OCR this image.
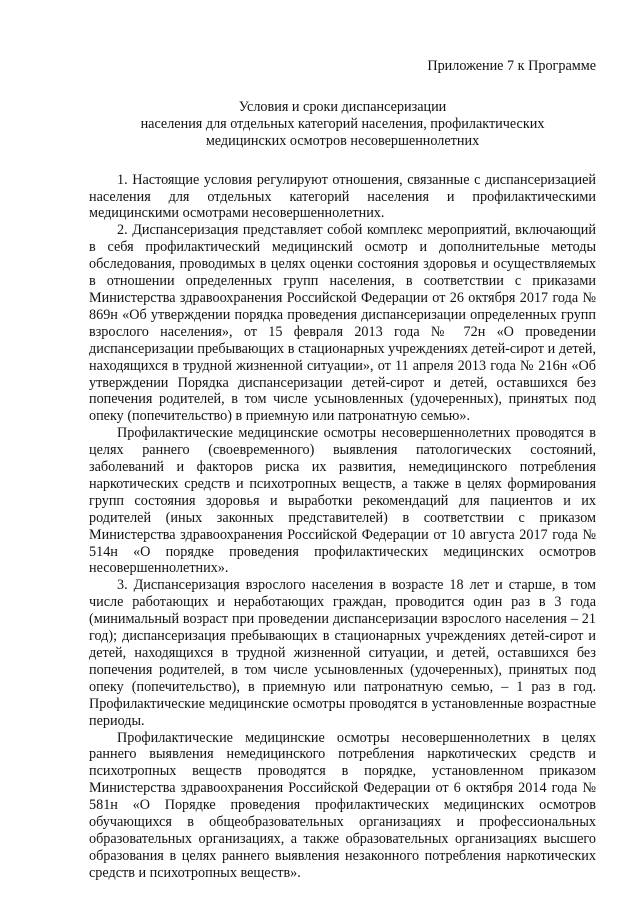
Приложение 7 к Программе

Условия и сроки диспансеризации
населения для отдельных категорий населения, профилактических
медицинских осмотров несовершеннолетних

1. Настоящие условия регулируют отношения, связанные с диспансеризацией населения для отдельных категорий населения и профилактическими медицинскими осмотрами несовершеннолетних.

2. Диспансеризация представляет собой комплекс мероприятий, включающий в себя профилактический медицинский осмотр и дополнительные методы обследования, проводимых в целях оценки состояния здоровья и осуществляемых в отношении определенных групп населения, в соответствии с приказами Министерства здравоохранения Российской Федерации от 26 октября 2017 года № 869н «Об утверждении порядка проведения диспансеризации определенных групп взрослого населения», от 15 февраля 2013 года № 72н «О проведении диспансеризации пребывающих в стационарных учреждениях детей-сирот и детей, находящихся в трудной жизненной ситуации», от 11 апреля 2013 года № 216н «Об утверждении Порядка диспансеризации детей-сирот и детей, оставшихся без попечения родителей, в том числе усыновленных (удочеренных), принятых под опеку (попечительство) в приемную или патронатную семью».

Профилактические медицинские осмотры несовершеннолетних проводятся в целях раннего (своевременного) выявления патологических состояний, заболеваний и факторов риска их развития, немедицинского потребления наркотических средств и психотропных веществ, а также в целях формирования групп состояния здоровья и выработки рекомендаций для пациентов и их родителей (иных законных представителей) в соответствии с приказом Министерства здравоохранения Российской Федерации от 10 августа 2017 года № 514н «О порядке проведения профилактических медицинских осмотров несовершеннолетних».

3. Диспансеризация взрослого населения в возрасте 18 лет и старше, в том числе работающих и неработающих граждан, проводится один раз в 3 года (минимальный возраст при проведении диспансеризации взрослого населения – 21 год); диспансеризация пребывающих в стационарных учреждениях детей-сирот и детей, находящихся в трудной жизненной ситуации, и детей, оставшихся без попечения родителей, в том числе усыновленных (удочеренных), принятых под опеку (попечительство), в приемную или патронатную семью, – 1 раз в год. Профилактические медицинские осмотры проводятся в установленные возрастные периоды.

Профилактические медицинские осмотры несовершеннолетних в целях раннего выявления немедицинского потребления наркотических средств и психотропных веществ проводятся в порядке, установленном приказом Министерства здравоохранения Российской Федерации от 6 октября 2014 года № 581н «О Порядке проведения профилактических медицинских осмотров обучающихся в общеобразовательных организациях и профессиональных образовательных организациях, а также образовательных организациях высшего образования в целях раннего выявления незаконного потребления наркотических средств и психотропных веществ».
